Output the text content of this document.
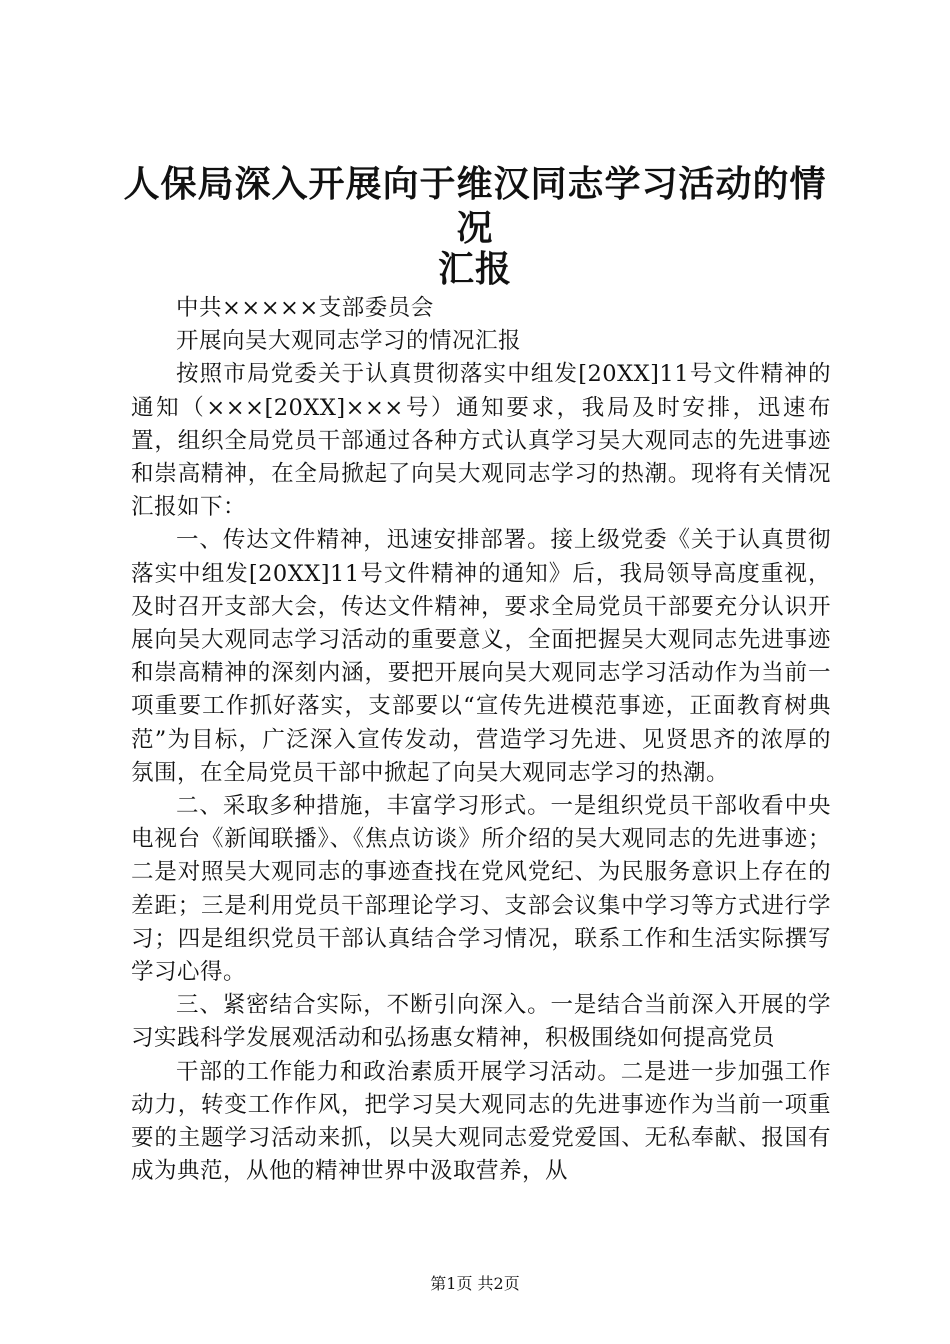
人保局深入开展向于维汉同志学习活动的情况
汇报

中共×××××支部委员会

开展向吴大观同志学习的情况汇报

按照市局党委关于认真贯彻落实中组发[20XX]11号文件精神的通知（×××[20XX]×××号）通知要求，我局及时安排，迅速布置，组织全局党员干部通过各种方式认真学习吴大观同志的先进事迹和崇高精神，在全局掀起了向吴大观同志学习的热潮。现将有关情况汇报如下：

一、传达文件精神，迅速安排部署。接上级党委《关于认真贯彻落实中组发[20XX]11号文件精神的通知》后，我局领导高度重视，及时召开支部大会，传达文件精神，要求全局党员干部要充分认识开展向吴大观同志学习活动的重要意义，全面把握吴大观同志先进事迹和崇高精神的深刻内涵，要把开展向吴大观同志学习活动作为当前一项重要工作抓好落实，支部要以“宣传先进模范事迹，正面教育树典范”为目标，广泛深入宣传发动，营造学习先进、见贤思齐的浓厚的氛围，在全局党员干部中掀起了向吴大观同志学习的热潮。

二、采取多种措施，丰富学习形式。一是组织党员干部收看中央电视台《新闻联播》、《焦点访谈》所介绍的吴大观同志的先进事迹；二是对照吴大观同志的事迹查找在党风党纪、为民服务意识上存在的差距；三是利用党员干部理论学习、支部会议集中学习等方式进行学习；四是组织党员干部认真结合学习情况，联系工作和生活实际撰写学习心得。

三、紧密结合实际，不断引向深入。一是结合当前深入开展的学习实践科学发展观活动和弘扬惠女精神，积极围绕如何提高党员

干部的工作能力和政治素质开展学习活动。二是进一步加强工作动力，转变工作作风，把学习吴大观同志的先进事迹作为当前一项重要的主题学习活动来抓，以吴大观同志爱党爱国、无私奉献、报国有成为典范，从他的精神世界中汲取营养，从

第1页 共2页
